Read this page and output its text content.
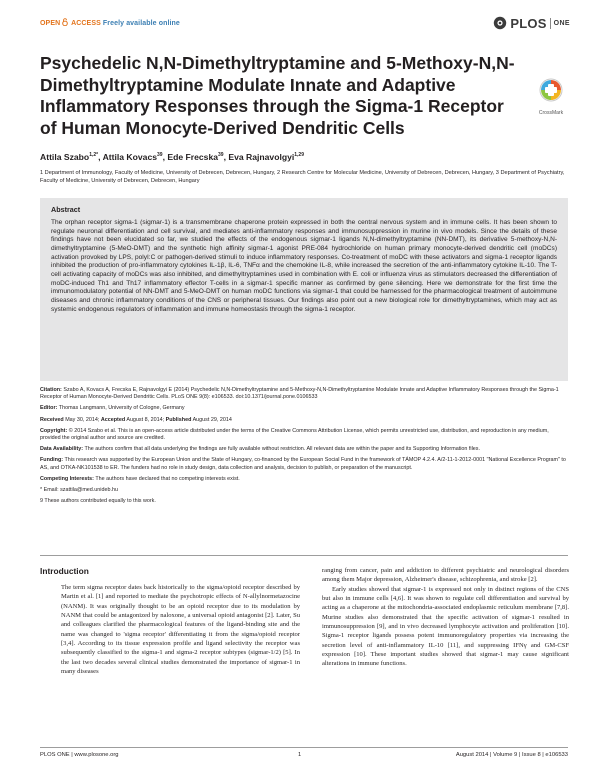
OPEN ACCESS Freely available online	PLOS ONE
Psychedelic N,N-Dimethyltryptamine and 5-Methoxy-N,N-Dimethyltryptamine Modulate Innate and Adaptive Inflammatory Responses through the Sigma-1 Receptor of Human Monocyte-Derived Dendritic Cells
CrossMark
Attila Szabo$^{1,2*}$, Attila Kovacs$^{39}$, Ede Frecska$^{39}$, Eva Rajnavolgyi$^{1,29}$
1 Department of Immunology, Faculty of Medicine, University of Debrecen, Debrecen, Hungary, 2 Research Centre for Molecular Medicine, University of Debrecen, Debrecen, Hungary, 3 Department of Psychiatry, Faculty of Medicine, University of Debrecen, Debrecen, Hungary
Abstract
The orphan receptor sigma-1 (sigmar-1) is a transmembrane chaperone protein expressed in both the central nervous system and in immune cells. It has been shown to regulate neuronal differentiation and cell survival, and mediates anti-inflammatory responses and immunosuppression in murine in vivo models. Since the details of these findings have not been elucidated so far, we studied the effects of the endogenous sigmar-1 ligands N,N-dimethyltryptamine (NN-DMT), its derivative 5-methoxy-N,N-dimethyltryptamine (5-MeO-DMT) and the synthetic high affinity sigmar-1 agonist PRE-084 hydrochloride on human primary monocyte-derived dendritic cell (moDCs) activation provoked by LPS, polyI:C or pathogen-derived stimuli to induce inflammatory responses. Co-treatment of moDC with these activators and sigma-1 receptor ligands inhibited the production of pro-inflammatory cytokines IL-1β, IL-6, TNFα and the chemokine IL-8, while increased the secretion of the anti-inflammatory cytokine IL-10. The T-cell activating capacity of moDCs was also inhibited, and dimethyltryptamines used in combination with E. coli or influenza virus as stimulators decreased the differentiation of moDC-induced Th1 and Th17 inflammatory effector T-cells in a sigmar-1 specific manner as confirmed by gene silencing. Here we demonstrate for the first time the immunomodulatory potential of NN-DMT and 5-MeO-DMT on human moDC functions via sigmar-1 that could be harnessed for the pharmacological treatment of autoimmune diseases and chronic inflammatory conditions of the CNS or peripheral tissues. Our findings also point out a new biological role for dimethyltryptamines, which may act as systemic endogenous regulators of inflammation and immune homeostasis through the sigma-1 receptor.

Citation: Szabo A, Kovacs A, Frecska E, Rajnavolgyi E (2014) Psychedelic N,N-Dimethyltryptamine and 5-Methoxy-N,N-Dimethyltryptamine Modulate Innate and Adaptive Inflammatory Responses through the Sigma-1 Receptor of Human Monocyte-Derived Dendritic Cells. PLoS ONE 9(8): e106533. doi:10.1371/journal.pone.0106533

Editor: Thomas Langmann, University of Cologne, Germany

Received May 30, 2014; Accepted August 8, 2014; Published August 29, 2014

Copyright: © 2014 Szabo et al. This is an open-access article distributed under the terms of the Creative Commons Attribution License, which permits unrestricted use, distribution, and reproduction in any medium, provided the original author and source are credited.

Data Availability: The authors confirm that all data underlying the findings are fully available without restriction. All relevant data are within the paper and its Supporting Information files.

Funding: This research was supported by the European Union and the State of Hungary, co-financed by the European Social Fund in the framework of TÁMOP 4.2.4. A/2-11-1-2012-0001 "National Excellence Program" to AS, and OTKA-NK101538 to ER. The funders had no role in study design, data collection and analysis, decision to publish, or preparation of the manuscript.

Competing Interests: The authors have declared that no competing interests exist.

* Email: szattila@med.unideb.hu

9 These authors contributed equally to this work.

Introduction
The term sigma receptor dates back historically to the sigma/opioid receptor described by Martin et al. [1] and reported to mediate the psychotropic effects of N-allylnormetazocine (NANM). It was originally thought to be an opioid receptor due to its modulation by NANM that could be antagonized by naloxone, a universal opioid antagonist [2]. Later, Su and colleagues clarified the pharmacological features of the ligand-binding site and the name was changed to 'sigma receptor' differentiating it from the sigma/opioid receptor [3,4]. According to its tissue expression profile and ligand selectivity the receptor was subsequently classified to the sigma-1 and sigma-2 receptor subtypes (sigmar-1/2) [5]. In the last two decades several clinical studies demonstrated the importance of sigmar-1 in many diseases

ranging from cancer, pain and addiction to different psychiatric and neurological disorders among them Major depression, Alzheimer's disease, schizophrenia, and stroke [2].

Early studies showed that sigmar-1 is expressed not only in distinct regions of the CNS but also in immune cells [4,6]. It was shown to regulate cell differentiation and survival by acting as a chaperone at the mitochondria-associated endoplasmic reticulum membrane [7,8]. Murine studies also demonstrated that the specific activation of sigmar-1 resulted in immunosuppression [9], and in vivo decreased lymphocyte activation and proliferation [10]. Sigma-1 receptor ligands possess potent immunoregulatory properties via increasing the secretion level of anti-inflammatory IL-10 [11], and suppressing IFNγ and GM-CSF expression [10]. These important studies showed that sigmar-1 may cause significant alterations in immune functions.

PLOS ONE | www.plosone.org	1	August 2014 | Volume 9 | Issue 8 | e106533
